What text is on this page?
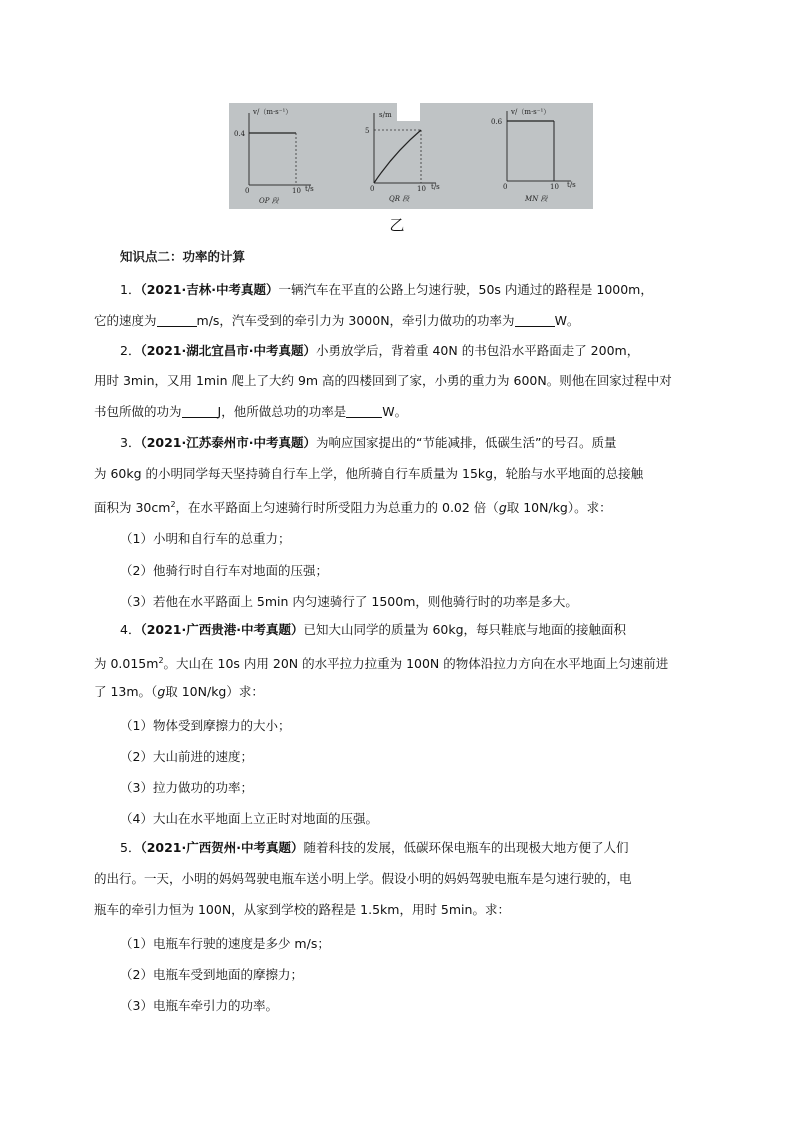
v/（m·s⁻¹）
0.4
0	10 t/s
OP 段
s/m
5
0	10 t/s
QR 段
v/（m·s⁻¹）
0.6
0	10 t/s
MN 段
乙
知识点二：功率的计算
1．（2021·吉林·中考真题）一辆汽车在平直的公路上匀速行驶，50s 内通过的路程是 1000m，
它的速度为	m/s，汽车受到的牵引力为 3000N，牵引力做功的功率为	W。
2．（2021·湖北宜昌市·中考真题）小勇放学后，背着重 40N 的书包沿水平路面走了 200m，
用时 3min，又用 1min 爬上了大约 9m 高的四楼回到了家，小勇的重力为 600N。则他在回家过程中对
书包所做的功为	J，他所做总功的功率是	W。
3．（2021·江苏泰州市·中考真题）为响应国家提出的“节能减排，低碳生活”的号召。质量
为 60kg 的小明同学每天坚持骑自行车上学，他所骑自行车质量为 15kg，轮胎与水平地面的总接触
面积为 $30cm^2$，在水平路面上匀速骑行时所受阻力为总重力的 0.02 倍（g取 10N/kg）。求：
（1）小明和自行车的总重力；
（2）他骑行时自行车对地面的压强；
（3）若他在水平路面上 5min 内匀速骑行了 1500m，则他骑行时的功率是多大。
4．（2021·广西贵港·中考真题）已知大山同学的质量为 60kg，每只鞋底与地面的接触面积
为 $0.015m^2$。大山在 10s 内用 20N 的水平拉力拉重为 100N 的物体沿拉力方向在水平地面上匀速前进
了 13m。（g取 10N/kg）求：
（1）物体受到摩擦力的大小；
（2）大山前进的速度；
（3）拉力做功的功率；
（4）大山在水平地面上立正时对地面的压强。
5．（2021·广西贺州·中考真题）随着科技的发展，低碳环保电瓶车的出现极大地方便了人们
的出行。一天，小明的妈妈驾驶电瓶车送小明上学。假设小明的妈妈驾驶电瓶车是匀速行驶的，电
瓶车的牵引力恒为 100N，从家到学校的路程是 1.5km，用时 5min。求：
（1）电瓶车行驶的速度是多少 m/s；
（2）电瓶车受到地面的摩擦力；
（3）电瓶车牵引力的功率。
